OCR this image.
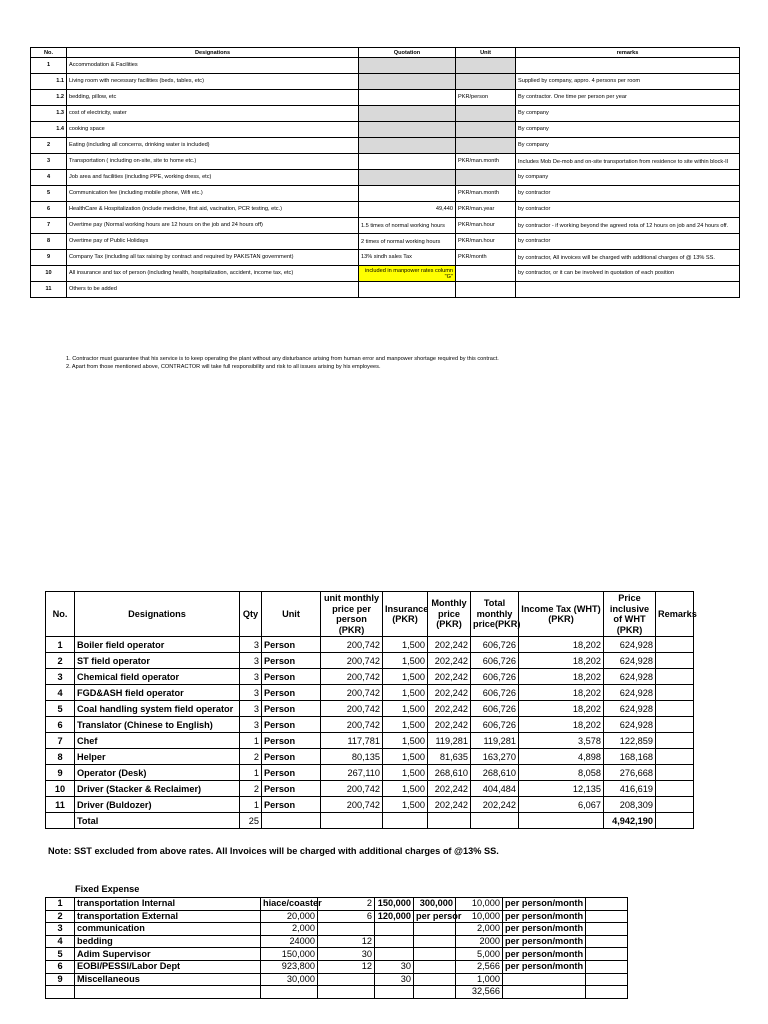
No.	Designations	Quotation	Unit	remarks
1	Accommodation & Facilities			
1.1	Living room with necessary facilities (beds, tables, etc)			Supplied by company, appro. 4 persons per room
1.2	bedding, pillow, etc		PKR/person	By contractor. One time per person per year
1.3	cost of electricity, water			By company
1.4	cooking space			By company
2	Eating (including all concerns, drinking water is included)			By company
3	Transportation ( including on-site, site to home etc.)		PKR/man.month	Includes Mob De-mob and on-site transportation from residence to site within block-II
4	Job area and facilities (including PPE, working dress, etc)			by company
5	Communication fee (including mobile phone, Wifi etc.)		PKR/man.month	by contractor
6	HealthCare & Hospitalization (include medicine, first aid, vacination, PCR testing, etc.)	49,440	PKR/man.year	by contractor
7	Overtime pay (Normal working hours are 12 hours on the job and 24 hours off)	1.5 times of normal working hours	PKR/man.hour	by contractor - if working beyond the agreed rota of 12 hours on job and 24 hours off.
8	Overtime pay of Public Holidays	2 times of normal working hours	PKR/man.hour	by contractor
9	Company Tax (including all tax raising by contract and required by PAKISTAN government)	13% sindh sales Tax	PKR/month	by contractor, All invoices will be charged with additional charges of @ 13% SS.
10	All insurance and tax of person (including health, hospitalization, accident, income tax, etc)	included in manpower rates column "G"		by contractor, or it can be involved in quotation of each position
11	Others to be added			
1. Contractor must guarantee that his service is to keep operating the plant without any disturbance arising from human error and manpower shortage required by this contract.
2. Apart from those mentioned above, CONTRACTOR will take full responsibility and risk to all issues arising by his employees.
No.	Designations	Qty	Unit	unit monthly price per person (PKR)	Insurance (PKR)	Monthly price (PKR)	Total monthly price(PKR)	Income Tax (WHT) (PKR)	Price inclusive of WHT (PKR)	Remarks
1	Boiler field operator	3	Person	200,742	1,500	202,242	606,726	18,202	624,928	
2	ST field operator	3	Person	200,742	1,500	202,242	606,726	18,202	624,928	
3	Chemical field operator	3	Person	200,742	1,500	202,242	606,726	18,202	624,928	
4	FGD&ASH field operator	3	Person	200,742	1,500	202,242	606,726	18,202	624,928	
5	Coal handling system field operator	3	Person	200,742	1,500	202,242	606,726	18,202	624,928	
6	Translator (Chinese to English)	3	Person	200,742	1,500	202,242	606,726	18,202	624,928	
7	Chef	1	Person	117,781	1,500	119,281	119,281	3,578	122,859	
8	Helper	2	Person	80,135	1,500	81,635	163,270	4,898	168,168	
9	Operator (Desk)	1	Person	267,110	1,500	268,610	268,610	8,058	276,668	
10	Driver (Stacker & Reclaimer)	2	Person	200,742	1,500	202,242	404,484	12,135	416,619	
11	Driver (Buldozer)	1	Person	200,742	1,500	202,242	202,242	6,067	208,309	
	Total	25							4,942,190	
Note: SST excluded from above rates. All Invoices will be charged with additional charges of @13% SS.
Fixed Expense
1	transportation Internal	hiace/coaster	2	150,000	300,000	10,000	per person/month	
2	transportation External	20,000	6	120,000	per persor	10,000	per person/month	
3	communication	2,000				2,000	per person/month	
4	bedding	24000	12			2000	per person/month	
5	Adim Supervisor	150,000	30			5,000	per person/month	
6	EOBI/PESSI/Labor Dept	923,800	12	30		2,566	per person/month	
9	Miscellaneous	30,000		30		1,000		
						32,566		
